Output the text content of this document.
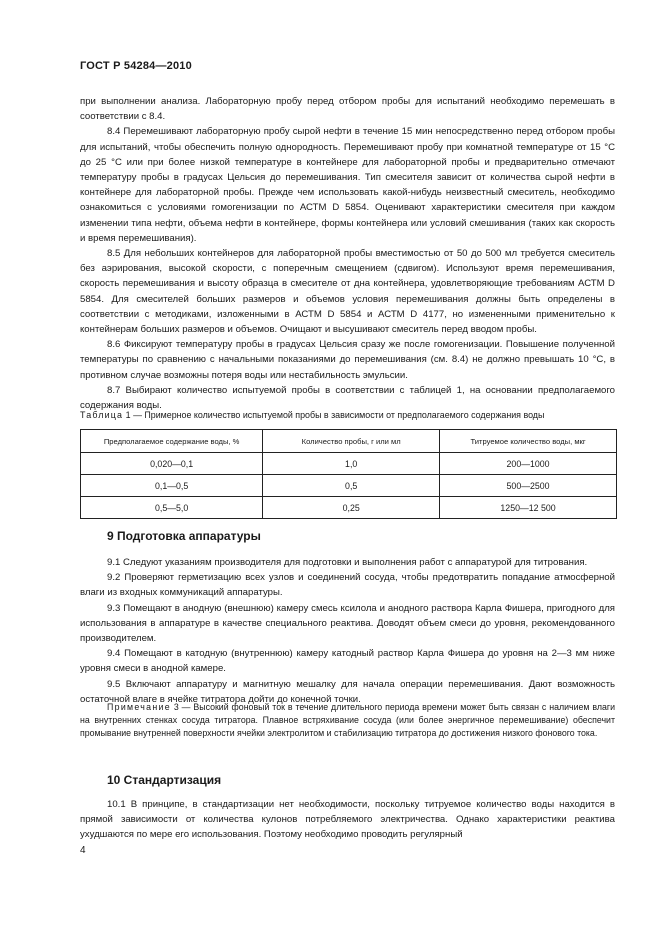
ГОСТ Р 54284—2010

при выполнении анализа. Лабораторную пробу перед отбором пробы для испытаний необходимо перемешать в соответствии с 8.4.

8.4 Перемешивают лабораторную пробу сырой нефти в течение 15 мин непосредственно перед отбором пробы для испытаний, чтобы обеспечить полную однородность. Перемешивают пробу при комнатной температуре от 15 °С до 25 °С или при более низкой температуре в контейнере для лабораторной пробы и предварительно отмечают температуру пробы в градусах Цельсия до перемешивания. Тип смесителя зависит от количества сырой нефти в контейнере для лабораторной пробы. Прежде чем использовать какой-нибудь неизвестный смеситель, необходимо ознакомиться с условиями гомогенизации по АСТМ D 5854. Оценивают характеристики смесителя при каждом изменении типа нефти, объема нефти в контейнере, формы контейнера или условий смешивания (таких как скорость и время перемешивания).

8.5 Для небольших контейнеров для лабораторной пробы вместимостью от 50 до 500 мл требуется смеситель без аэрирования, высокой скорости, с поперечным смещением (сдвигом). Используют время перемешивания, скорость перемешивания и высоту образца в смесителе от дна контейнера, удовлетворяющие требованиям АСТМ D 5854. Для смесителей больших размеров и объемов условия перемешивания должны быть определены в соответствии с методиками, изложенными в АСТМ D 5854 и АСТМ D 4177, но измененными применительно к контейнерам больших размеров и объемов. Очищают и высушивают смеситель перед вводом пробы.

8.6 Фиксируют температуру пробы в градусах Цельсия сразу же после гомогенизации. Повышение полученной температуры по сравнению с начальными показаниями до перемешивания (см. 8.4) не должно превышать 10 °С, в противном случае возможны потеря воды или нестабильность эмульсии.

8.7 Выбирают количество испытуемой пробы в соответствии с таблицей 1, на основании предполагаемого содержания воды.

Таблица 1 — Примерное количество испытуемой пробы в зависимости от предполагаемого содержания воды
Предполагаемое содержание воды, %	Количество пробы, г или мл	Титруемое количество воды, мкг
0,020—0,1	1,0	200—1000
0,1—0,5	0,5	500—2500
0,5—5,0	0,25	1250—12 500
9 Подготовка аппаратуры

9.1 Следуют указаниям производителя для подготовки и выполнения работ с аппаратурой для титрования.

9.2 Проверяют герметизацию всех узлов и соединений сосуда, чтобы предотвратить попадание атмосферной влаги из входных коммуникаций аппаратуры.

9.3 Помещают в анодную (внешнюю) камеру смесь ксилола и анодного раствора Карла Фишера, пригодного для использования в аппаратуре в качестве специального реактива. Доводят объем смеси до уровня, рекомендованного производителем.

9.4 Помещают в катодную (внутреннюю) камеру катодный раствор Карла Фишера до уровня на 2—3 мм ниже уровня смеси в анодной камере.

9.5 Включают аппаратуру и магнитную мешалку для начала операции перемешивания. Дают возможность остаточной влаге в ячейке титратора дойти до конечной точки.

Примечание 3 — Высокий фоновый ток в течение длительного периода времени может быть связан с наличием влаги на внутренних стенках сосуда титратора. Плавное встряхивание сосуда (или более энергичное перемешивание) обеспечит промывание внутренней поверхности ячейки электролитом и стабилизацию титратора до достижения низкого фонового тока.

10 Стандартизация

10.1 В принципе, в стандартизации нет необходимости, поскольку титруемое количество воды находится в прямой зависимости от количества кулонов потребляемого электричества. Однако характеристики реактива ухудшаются по мере его использования. Поэтому необходимо проводить регулярный

4
